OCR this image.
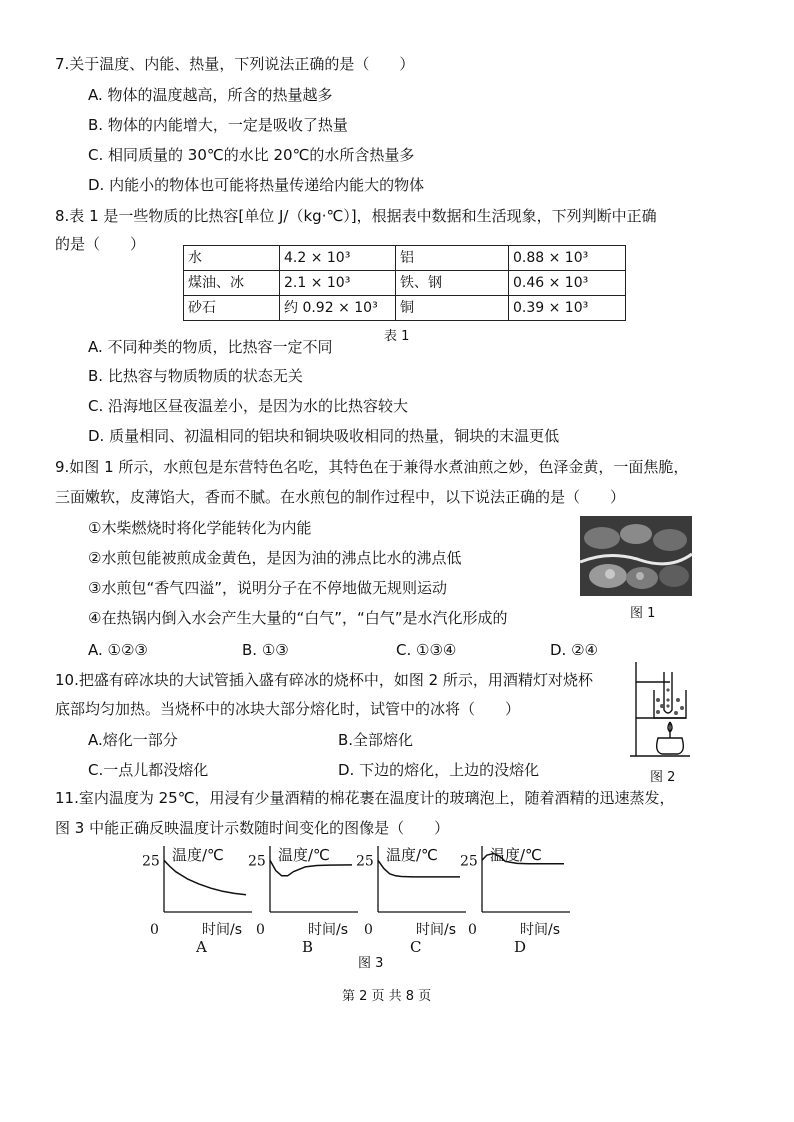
7.关于温度、内能、热量，下列说法正确的是（　　）
A. 物体的温度越高，所含的热量越多
B. 物体的内能增大，一定是吸收了热量
C. 相同质量的 30℃的水比 20℃的水所含热量多
D. 内能小的物体也可能将热量传递给内能大的物体
8.表 1 是一些物质的比热容[单位 J/（kg·℃）]，根据表中数据和生活现象，下列判断中正确
的是（　　）
水	4.2 × 10³	铝	0.88 × 10³
煤油、冰	2.1 × 10³	铁、钢	0.46 × 10³
砂石	约 0.92 × 10³	铜	0.39 × 10³
表 1
A. 不同种类的物质，比热容一定不同
B. 比热容与物质物质的状态无关
C. 沿海地区昼夜温差小，是因为水的比热容较大
D. 质量相同、初温相同的铝块和铜块吸收相同的热量，铜块的末温更低
9.如图 1 所示，水煎包是东营特色名吃，其特色在于兼得水煮油煎之妙，色泽金黄，一面焦脆，
三面嫩软，皮薄馅大，香而不腻。在水煎包的制作过程中，以下说法正确的是（　　）
①木柴燃烧时将化学能转化为内能
②水煎包能被煎成金黄色，是因为油的沸点比水的沸点低
③水煎包“香气四溢”，说明分子在不停地做无规则运动
④在热锅内倒入水会产生大量的“白气”，“白气”是水汽化形成的	图 1
A. ①②③	B. ①③	C. ①③④	D. ②④
10.把盛有碎冰块的大试管插入盛有碎冰的烧杯中，如图 2 所示，用酒精灯对烧杯
底部均匀加热。当烧杯中的冰块大部分熔化时，试管中的冰将（　　）
A.熔化一部分	B.全部熔化
C.一点儿都没熔化	D. 下边的熔化，上边的没熔化	图 2
11.室内温度为 25℃，用浸有少量酒精的棉花裹在温度计的玻璃泡上，随着酒精的迅速蒸发，
图 3 中能正确反映温度计示数随时间变化的图像是（　　）
温度/℃
时间/s
0
25	温度/℃
时间/s
0
25	温度/℃
时间/s
0
25	温度/℃
时间/s
0
25
A	B	C	D
图 3
第 2 页 共 8 页
